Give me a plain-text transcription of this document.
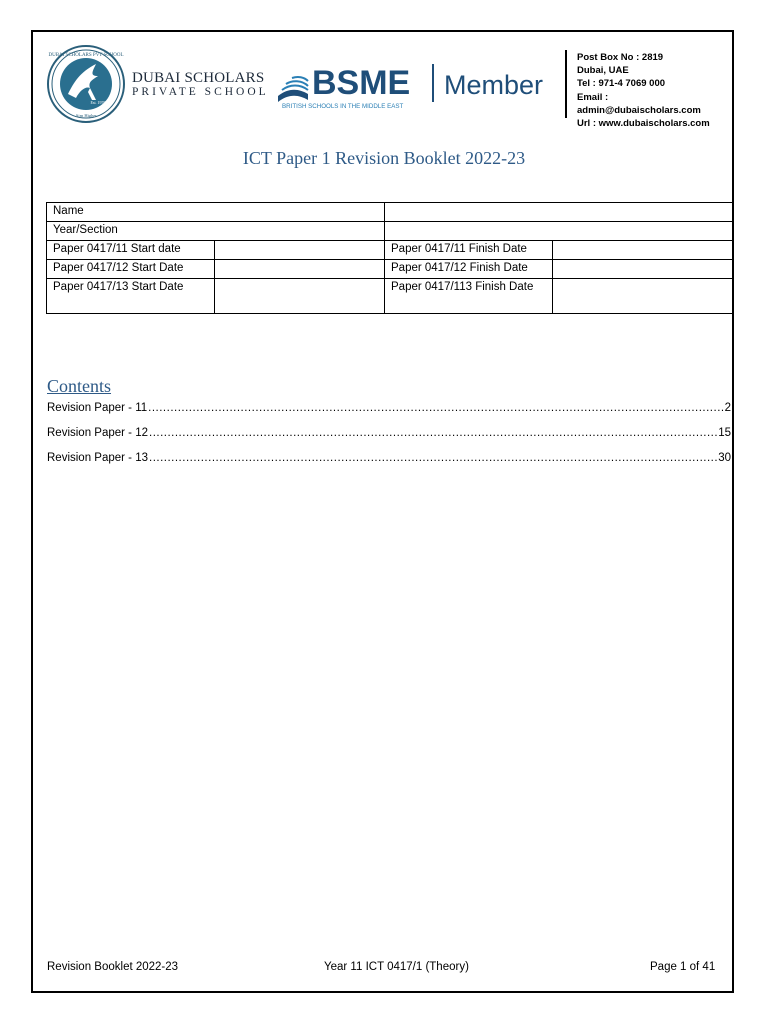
DUBAI SCHOLARS PVT SCHOOL
Est. 1976
Aim Higher
DUBAI SCHOLARS
PRIVATE SCHOOL BSME
BRITISH SCHOOLS IN THE MIDDLE EAST
Member
Post Box No : 2819
Dubai, UAE
Tel : 971-4 7069 000
Email : admin@dubaischolars.com
Url : www.dubaischolars.com
ICT Paper 1 Revision Booklet 2022-23
Name			
Year/Section			
Paper 0417/11 Start date		Paper 0417/11 Finish Date	
Paper 0417/12 Start Date		Paper 0417/12 Finish Date	
Paper 0417/13 Start Date		Paper 0417/113 Finish Date	
Contents
Revision Paper - 11 .....	2
Revision Paper - 12 .....	15
Revision Paper - 13 .....	30
Revision Booklet 2022-23	Year 11 ICT 0417/1 (Theory)	Page 1 of 41
